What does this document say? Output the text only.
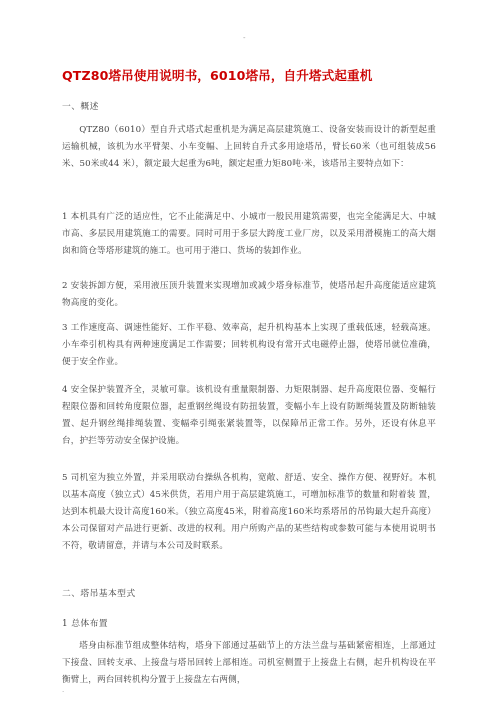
-
QTZ80塔吊使用说明书，6010塔吊，自升塔式起重机
一、概述
QTZ80（6010）型自升式塔式起重机是为满足高层建筑施工、设备安装而设计的新型起重运输机械，该机为水平臂架、小车变幅、上回转自升式多用途塔吊，臂长60米（也可组装成56米、50米或44 米），额定最大起重为6吨，额定起重力矩80吨·米，该塔吊主要特点如下：
1 本机具有广泛的适应性，它不止能满足中、小城市一般民用建筑需要，也完全能满足大、中城市高、多层民用建筑施工的需要。同时可用于多层大跨度工业厂房，以及采用滑模施工的高大烟囱和筒仓等塔形建筑的施工。也可用于港口、货场的装卸作业。
2 安装拆卸方便，采用液压顶升装置来实现增加或减少塔身标准节，使塔吊起升高度能适应建筑物高度的变化。
3 工作速度高、调速性能好、工作平稳、效率高，起升机构基本上实现了重载低速，轻载高速。小车牵引机构具有两种速度满足工作需要；回转机构设有常开式电磁停止器，使塔吊就位准确，便于安全作业。
4 安全保护装置齐全，灵敏可靠。该机设有重量限制器、力矩限制器、起升高度限位器、变幅行程限位器和回转角度限位器，起重钢丝绳设有防扭装置，变幅小车上设有防断绳装置及防断轴装置、起升钢丝绳排绳装置、变幅牵引绳张紧装置等，以保障吊正常工作。另外，还设有休息平台，护拦等劳动安全保护设施。
5 司机室为独立外置，并采用联动台操纵各机构，宽敞、舒适、安全、操作方便、视野好。本机以基本高度（独立式）45米供货，若用户用于高层建筑施工，可增加标准节的数量和附着装 置，达到本机最大设计高度160米。（独立高度45米，附着高度160米均系塔吊的吊钩最大起升高度） 本公司保留对产品进行更新、改进的权利。用户所购产品的某些结构或参数可能与本使用说明书不符，敬请留意，并请与本公司及时联系。
二、塔吊基本型式
1 总体布置
塔身由标准节组成整体结构，塔身下部通过基础节上的方法兰盘与基础紧密相连，上部通过下接盘、回转支承、上接盘与塔吊回转上部相连。司机室侧置于上接盘上右侧，起升机构设在平衡臂上，两台回转机构分置于上接盘左右两侧，
.
